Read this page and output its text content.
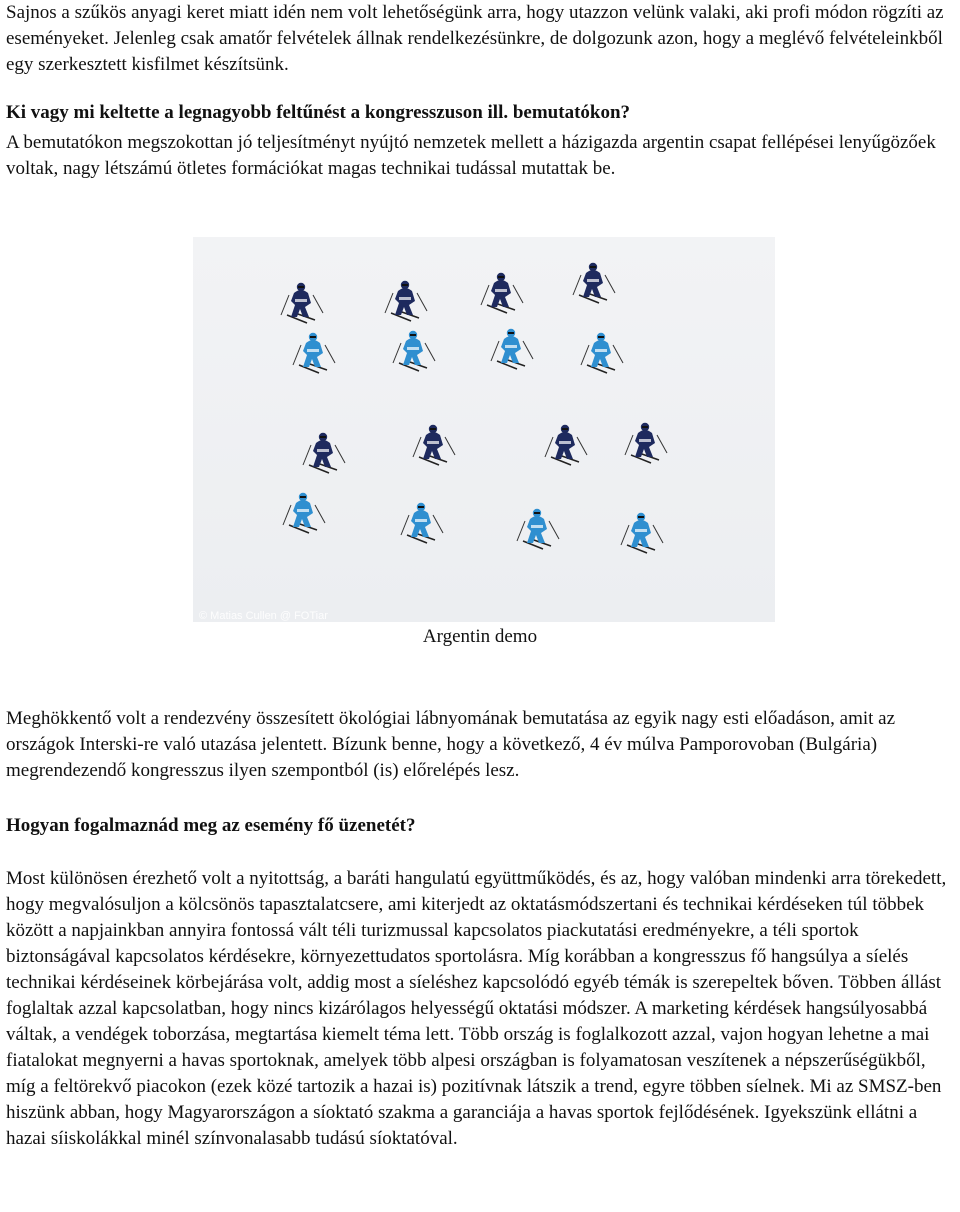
Sajnos a szűkös anyagi keret miatt idén nem volt lehetőségünk arra, hogy utazzon velünk valaki, aki profi módon rögzíti az eseményeket. Jelenleg csak amatőr felvételek állnak rendelkezésünkre, de dolgozunk azon, hogy a meglévő felvételeinkből egy szerkesztett kisfilmet készítsünk.

Ki vagy mi keltette a legnagyobb feltűnést a kongresszuson ill. bemutatókon?

A bemutatókon megszokottan jó teljesítményt nyújtó nemzetek mellett a házigazda argentin csapat fellépései lenyűgözőek voltak, nagy létszámú ötletes formációkat magas technikai tudással mutattak be.

© Matias Cullen @ FOTiar
Argentin demo

Meghökkentő volt a rendezvény összesített ökológiai lábnyomának bemutatása az egyik nagy esti előadáson, amit az országok Interski-re való utazása jelentett. Bízunk benne, hogy a következő, 4 év múlva Pamporovoban (Bulgária) megrendezendő kongresszus ilyen szempontból (is) előrelépés lesz.

Hogyan fogalmaznád meg az esemény fő üzenetét?

Most különösen érezhető volt a nyitottság, a baráti hangulatú együttműködés, és az, hogy valóban mindenki arra törekedett, hogy megvalósuljon a kölcsönös tapasztalatcsere, ami kiterjedt az oktatásmódszertani és technikai kérdéseken túl többek között a napjainkban annyira fontossá vált téli turizmussal kapcsolatos piackutatási eredményekre, a téli sportok biztonságával kapcsolatos kérdésekre, környezettudatos sportolásra. Míg korábban a kongresszus fő hangsúlya a síelés technikai kérdéseinek körbejárása volt, addig most a síeléshez kapcsolódó egyéb témák is szerepeltek bőven. Többen állást foglaltak azzal kapcsolatban, hogy nincs kizárólagos helyességű oktatási módszer. A marketing kérdések hangsúlyosabbá váltak, a vendégek toborzása, megtartása kiemelt téma lett. Több ország is foglalkozott azzal, vajon hogyan lehetne a mai fiatalokat megnyerni a havas sportoknak, amelyek több alpesi országban is folyamatosan veszítenek a népszerűségükből, míg a feltörekvő piacokon (ezek közé tartozik a hazai is) pozitívnak látszik a trend, egyre többen síelnek. Mi az SMSZ-ben hiszünk abban, hogy Magyarországon a síoktató szakma a garanciája a havas sportok fejlődésének. Igyekszünk ellátni a hazai síiskolákkal minél színvonalasabb tudású síoktatóval.
